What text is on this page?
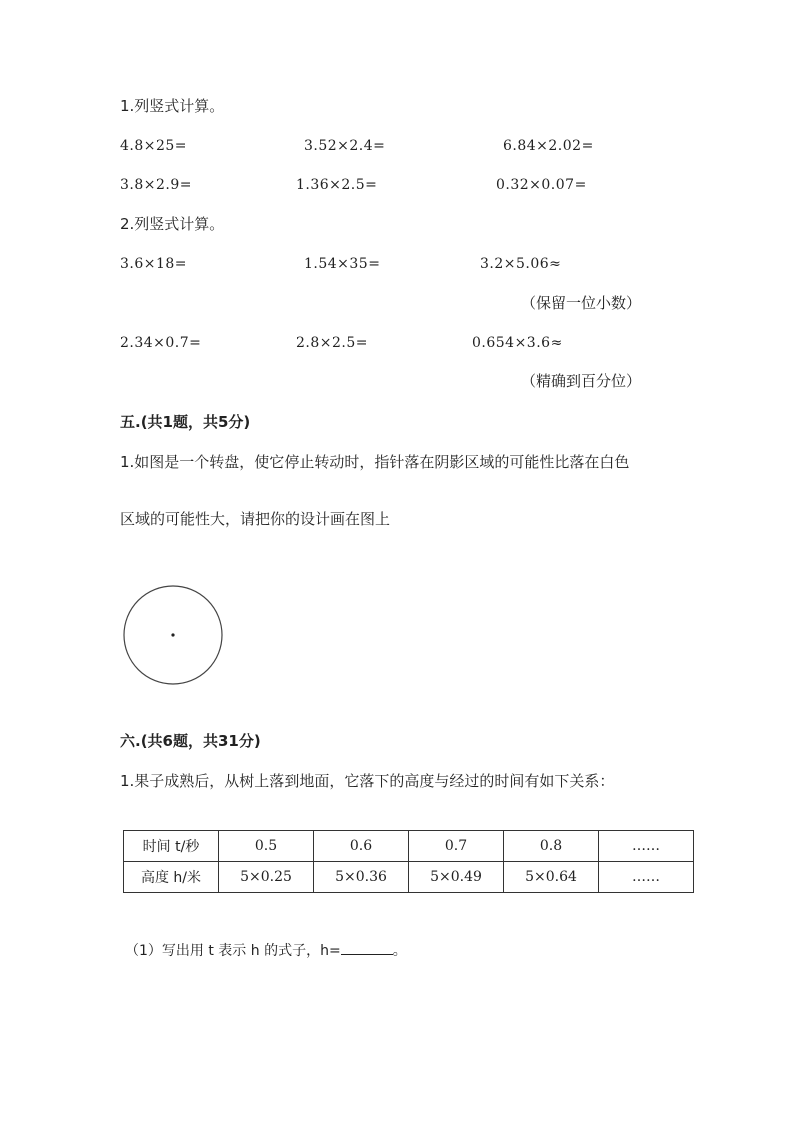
1.列竖式计算。
4.8×25=	3.52×2.4=	6.84×2.02=
3.8×2.9=	1.36×2.5=	0.32×0.07=
2.列竖式计算。
3.6×18=	1.54×35=	3.2×5.06≈
（保留一位小数）
2.34×0.7=	2.8×2.5=	0.654×3.6≈
（精确到百分位）
五.(共1题，共5分)
1.如图是一个转盘，使它停止转动时，指针落在阴影区域的可能性比落在白色
区域的可能性大，请把你的设计画在图上
六.(共6题，共31分)
1.果子成熟后，从树上落到地面，它落下的高度与经过的时间有如下关系：
时间 t/秒	0.5	0.6	0.7	0.8	……
高度 h/米	5×0.25	5×0.36	5×0.49	5×0.64	……
（1）写出用 t 表示 h 的式子，h=	。
